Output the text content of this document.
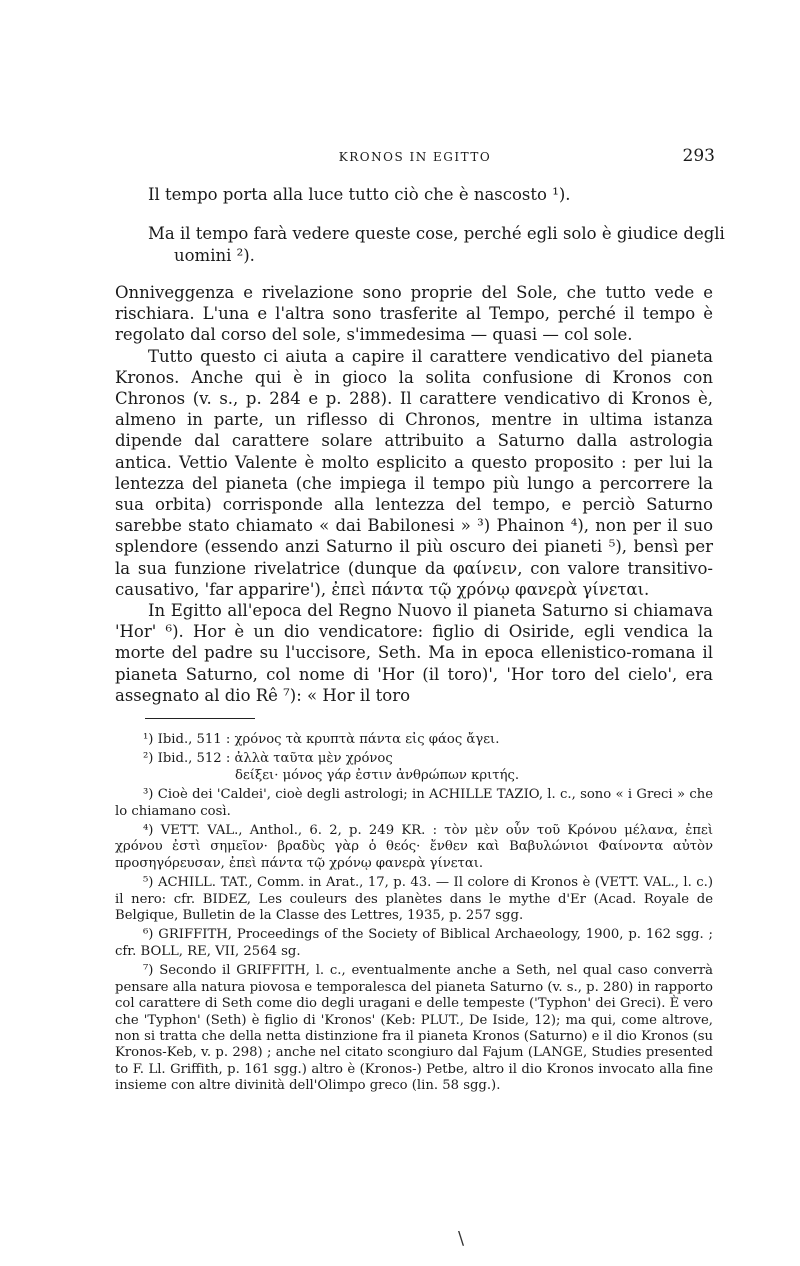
KRONOS IN EGITTO	293
Il tempo porta alla luce tutto ciò che è nascosto ¹).
Ma il tempo farà vedere queste cose, perché egli solo è giudice degli uomini ²).

Onniveggenza e rivelazione sono proprie del Sole, che tutto vede e rischiara. L'una e l'altra sono trasferite al Tempo, perché il tempo è regolato dal corso del sole, s'immedesima — quasi — col sole.

Tutto questo ci aiuta a capire il carattere vendicativo del pianeta Kronos. Anche qui è in gioco la solita confusione di Kronos con Chronos (v. s., p. 284 e p. 288). Il carattere vendicativo di Kronos è, almeno in parte, un riflesso di Chronos, mentre in ultima istanza dipende dal carattere solare attribuito a Saturno dalla astrologia antica. Vettio Valente è molto esplicito a questo proposito : per lui la lentezza del pianeta (che impiega il tempo più lungo a percorrere la sua orbita) corrisponde alla lentezza del tempo, e perciò Saturno sarebbe stato chiamato « dai Babilonesi » ³) Phainon ⁴), non per il suo splendore (essendo anzi Saturno il più oscuro dei pianeti ⁵), bensì per la sua funzione rivelatrice (dunque da φαίνειν, con valore transitivo-causativo, 'far apparire'), ἐπεὶ πάντα τῷ χρόνῳ φανερὰ γίνεται.

In Egitto all'epoca del Regno Nuovo il pianeta Saturno si chiamava 'Hor' ⁶). Hor è un dio vendicatore: figlio di Osiride, egli vendica la morte del padre su l'uccisore, Seth. Ma in epoca ellenistico-romana il pianeta Saturno, col nome di 'Hor (il toro)', 'Hor toro del cielo', era assegnato al dio Rê ⁷): « Hor il toro

¹) Ibid., 511 : χρόνος τὰ κρυπτὰ πάντα εἰς φάος ἄγει.

²) Ibid., 512 : ἀλλὰ ταῦτα μὲν χρόνος
δείξει· μόνος γάρ ἐστιν ἀνθρώπων κριτής.

³) Cioè dei 'Caldei', cioè degli astrologi; in ACHILLE TAZIO, l. c., sono « i Greci » che lo chiamano così.

⁴) VETT. VAL., Anthol., 6. 2, p. 249 KR. : τὸν μὲν οὖν τοῦ Κρόνου μέλανα, ἐπεὶ χρόνου ἐστὶ σημεῖον· βραδὺς γὰρ ὁ θεός· ἔνθεν καὶ Βαβυλώνιοι Φαίνοντα αὐτὸν προσηγόρευσαν, ἐπεὶ πάντα τῷ χρόνῳ φανερὰ γίνεται.

⁵) ACHILL. TAT., Comm. in Arat., 17, p. 43. — Il colore di Kronos è (VETT. VAL., l. c.) il nero: cfr. BIDEZ, Les couleurs des planètes dans le mythe d'Er (Acad. Royale de Belgique, Bulletin de la Classe des Lettres, 1935, p. 257 sgg.

⁶) GRIFFITH, Proceedings of the Society of Biblical Archaeology, 1900, p. 162 sgg. ; cfr. BOLL, RE, VII, 2564 sg.

⁷) Secondo il GRIFFITH, l. c., eventualmente anche a Seth, nel qual caso converrà pensare alla natura piovosa e temporalesca del pianeta Saturno (v. s., p. 280) in rapporto col carattere di Seth come dio degli uragani e delle tempeste ('Typhon' dei Greci). È vero che 'Typhon' (Seth) è figlio di 'Kronos' (Keb: PLUT., De Iside, 12); ma qui, come altrove, non si tratta che della netta distinzione fra il pianeta Kronos (Saturno) e il dio Kronos (su Kronos-Keb, v. p. 298) ; anche nel citato scongiuro dal Fajum (LANGE, Studies presented to F. Ll. Griffith, p. 161 sgg.) altro è (Kronos-) Petbe, altro il dio Kronos invocato alla fine insieme con altre divinità dell'Olimpo greco (lin. 58 sgg.).

\
